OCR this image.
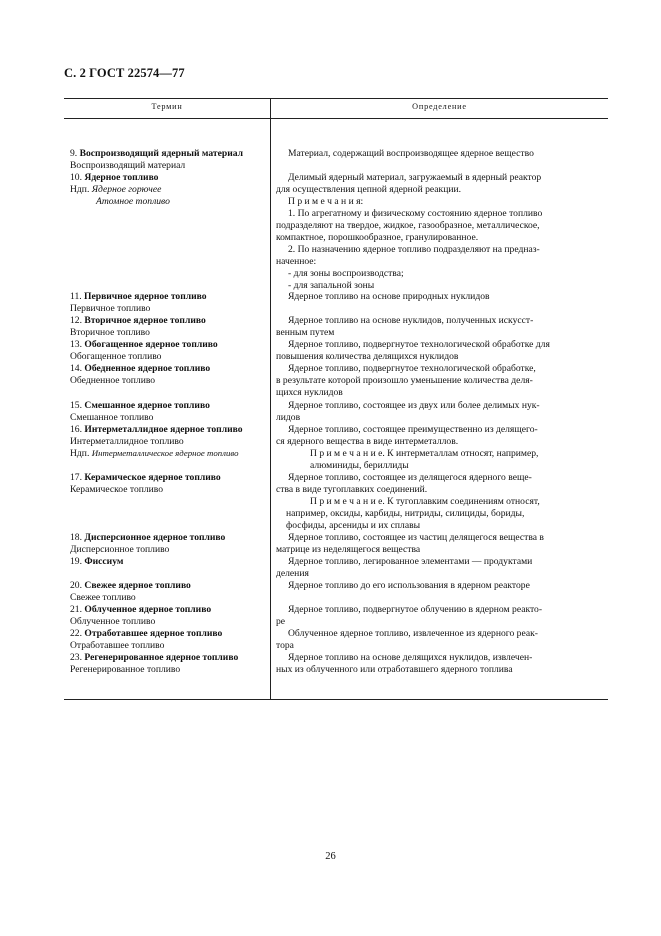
С. 2 ГОСТ 22574—77
Термин	Определение
9. Воспроизводящий ядерный материал
Воспроизводящий материал
10. Ядерное топливо
Ндп. Ядерное горючее
Атомное топливо
11. Первичное ядерное топливо
Первичное топливо
12. Вторичное ядерное топливо
Вторичное топливо
13. Обогащенное ядерное топливо
Обогащенное топливо
14. Обедненное ядерное топливо
Обедненное топливо
15. Смешанное ядерное топливо
Смешанное топливо
16. Интерметаллидное ядерное топливо
Интерметаллидное топливо
Ндп. Интерметаллическое ядерное топливо
17. Керамическое ядерное топливо
Керамическое топливо
18. Дисперсионное ядерное топливо
Дисперсионное топливо
19. Фиссиум
20. Свежее ядерное топливо
Свежее топливо
21. Облученное ядерное топливо
Облученное топливо
22. Отработавшее ядерное топливо
Отработавшее топливо
23. Регенерированное ядерное топливо
Регенерированное топливо
Материал, содержащий воспроизводящее ядерное вещество
Делимый ядерный материал, загружаемый в ядерный реактор
для осуществления цепной ядерной реакции.
П р и м е ч а н и я:
1. По агрегатному и физическому состоянию ядерное топливо
подразделяют на твердое, жидкое, газообразное, металлическое,
компактное, порошкообразное, гранулированное.
2. По назначению ядерное топливо подразделяют на предназ-
наченное:
- для зоны воспроизводства;
- для запальной зоны
Ядерное топливо на основе природных нуклидов
Ядерное топливо на основе нуклидов, полученных искусст-
венным путем
Ядерное топливо, подвергнутое технологической обработке для
повышения количества делящихся нуклидов
Ядерное топливо, подвергнутое технологической обработке,
в результате которой произошло уменьшение количества деля-
щихся нуклидов
Ядерное топливо, состоящее из двух или более делимых нук-
лидов
Ядерное топливо, состоящее преимущественно из делящего-
ся ядерного вещества в виде интерметаллов.
П р и м е ч а н и е. К интерметаллам относят, например,
алюминиды, бериллиды
Ядерное топливо, состоящее из делящегося ядерного веще-
ства в виде тугоплавких соединений.
П р и м е ч а н и е. К тугоплавким соединениям относят,
например, оксиды, карбиды, нитриды, силициды, бориды,
фосфиды, арсениды и их сплавы
Ядерное топливо, состоящее из частиц делящегося вещества в
матрице из неделящегося вещества
Ядерное топливо, легированное элементами — продуктами
деления
Ядерное топливо до его использования в ядерном реакторе
Ядерное топливо, подвергнутое облучению в ядерном реакто-
ре
Облученное ядерное топливо, извлеченное из ядерного реак-
тора
Ядерное топливо на основе делящихся нуклидов, извлечен-
ных из облученного или отработавшего ядерного топлива
26
